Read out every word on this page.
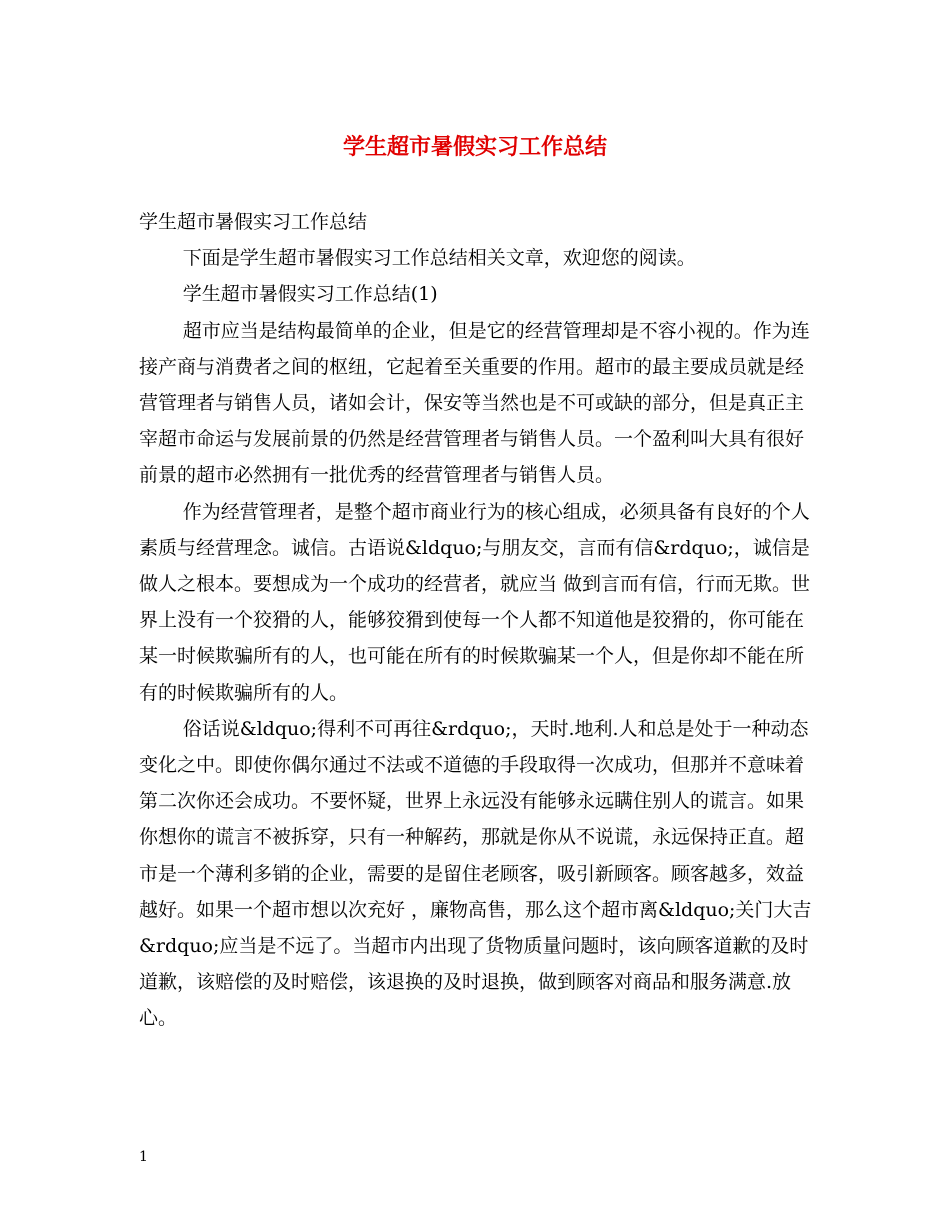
学生超市暑假实习工作总结

学生超市暑假实习工作总结

下面是学生超市暑假实习工作总结相关文章，欢迎您的阅读。

学生超市暑假实习工作总结(1)

超市应当是结构最简单的企业，但是它的经营管理却是不容小视的。作为连接产商与消费者之间的枢纽，它起着至关重要的作用。超市的最主要成员就是经营管理者与销售人员，诸如会计，保安等当然也是不可或缺的部分，但是真正主宰超市命运与发展前景的仍然是经营管理者与销售人员。一个盈利叫大具有很好前景的超市必然拥有一批优秀的经营管理者与销售人员。

作为经营管理者，是整个超市商业行为的核心组成，必须具备有良好的个人素质与经营理念。诚信。古语说&ldquo;与朋友交，言而有信&rdquo;，诚信是做人之根本。要想成为一个成功的经营者，就应当 做到言而有信，行而无欺。世界上没有一个狡猾的人，能够狡猾到使每一个人都不知道他是狡猾的，你可能在某一时候欺骗所有的人，也可能在所有的时候欺骗某一个人，但是你却不能在所有的时候欺骗所有的人。

俗话说&ldquo;得利不可再往&rdquo;，天时.地利.人和总是处于一种动态变化之中。即使你偶尔通过不法或不道德的手段取得一次成功，但那并不意味着第二次你还会成功。不要怀疑，世界上永远没有能够永远瞒住别人的谎言。如果你想你的谎言不被拆穿，只有一种解药，那就是你从不说谎，永远保持正直。超市是一个薄利多销的企业，需要的是留住老顾客，吸引新顾客。顾客越多，效益越好。如果一个超市想以次充好 ，廉物高售，那么这个超市离&ldquo;关门大吉&rdquo;应当是不远了。当超市内出现了货物质量问题时，该向顾客道歉的及时道歉，该赔偿的及时赔偿，该退换的及时退换，做到顾客对商品和服务满意.放心。

1
